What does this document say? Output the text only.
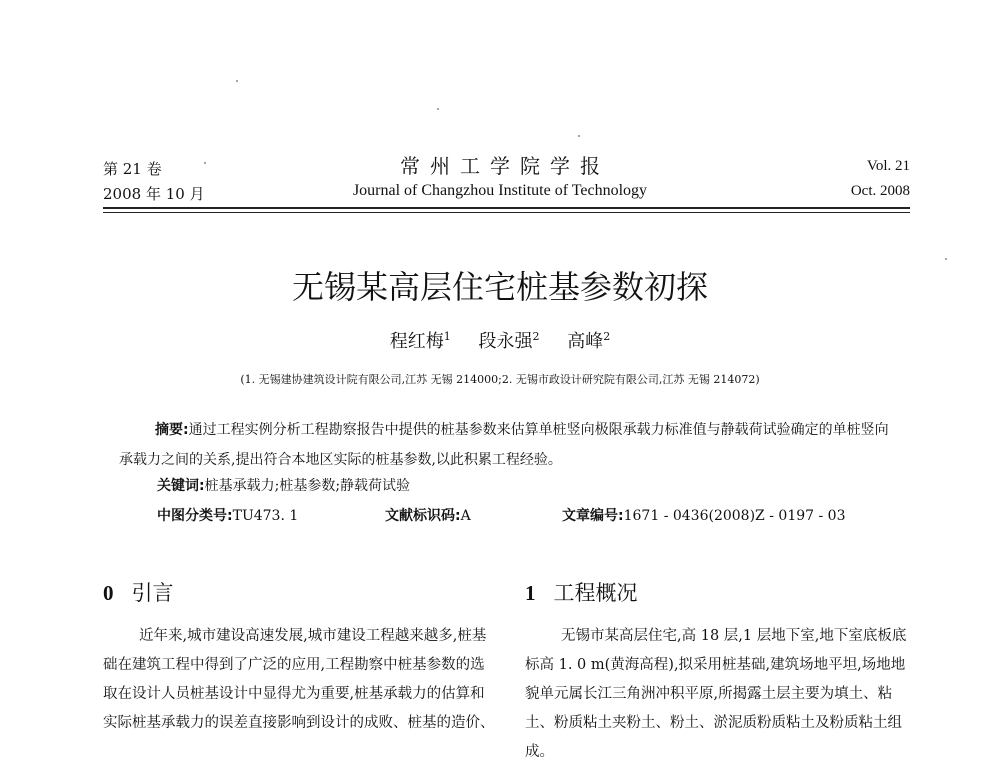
第 21 卷
2008 年 10 月
常州工学院学报
Journal of Changzhou Institute of Technology
Vol. 21
Oct. 2008
无锡某高层住宅桩基参数初探
程红梅$^1$ 段永强$^2$ 高峰$^2$
(1. 无锡建协建筑设计院有限公司,江苏 无锡 214000;2. 无锡市政设计研究院有限公司,江苏 无锡 214072)
摘要:通过工程实例分析工程勘察报告中提供的桩基参数来估算单桩竖向极限承载力标准值与静载荷试验确定的单桩竖向承载力之间的关系,提出符合本地区实际的桩基参数,以此积累工程经验。
关键词:桩基承载力;桩基参数;静载荷试验
中图分类号:TU473. 1	文献标识码:A	文章编号:1671 - 0436(2008)Z - 0197 - 03
0 引言
近年来,城市建设高速发展,城市建设工程越来越多,桩基础在建筑工程中得到了广泛的应用,工程勘察中桩基参数的选取在设计人员桩基设计中显得尤为重要,桩基承载力的估算和实际桩基承载力的误差直接影响到设计的成败、桩基的造价、
1 工程概况
无锡市某高层住宅,高 18 层,1 层地下室,地下室底板底标高 1. 0 m(黄海高程),拟采用桩基础,建筑场地平坦,场地地貌单元属长江三角洲冲积平原,所揭露土层主要为填土、粘土、粉质粘土夹粉土、粉土、淤泥质粉质粘土及粉质粘土组成。
